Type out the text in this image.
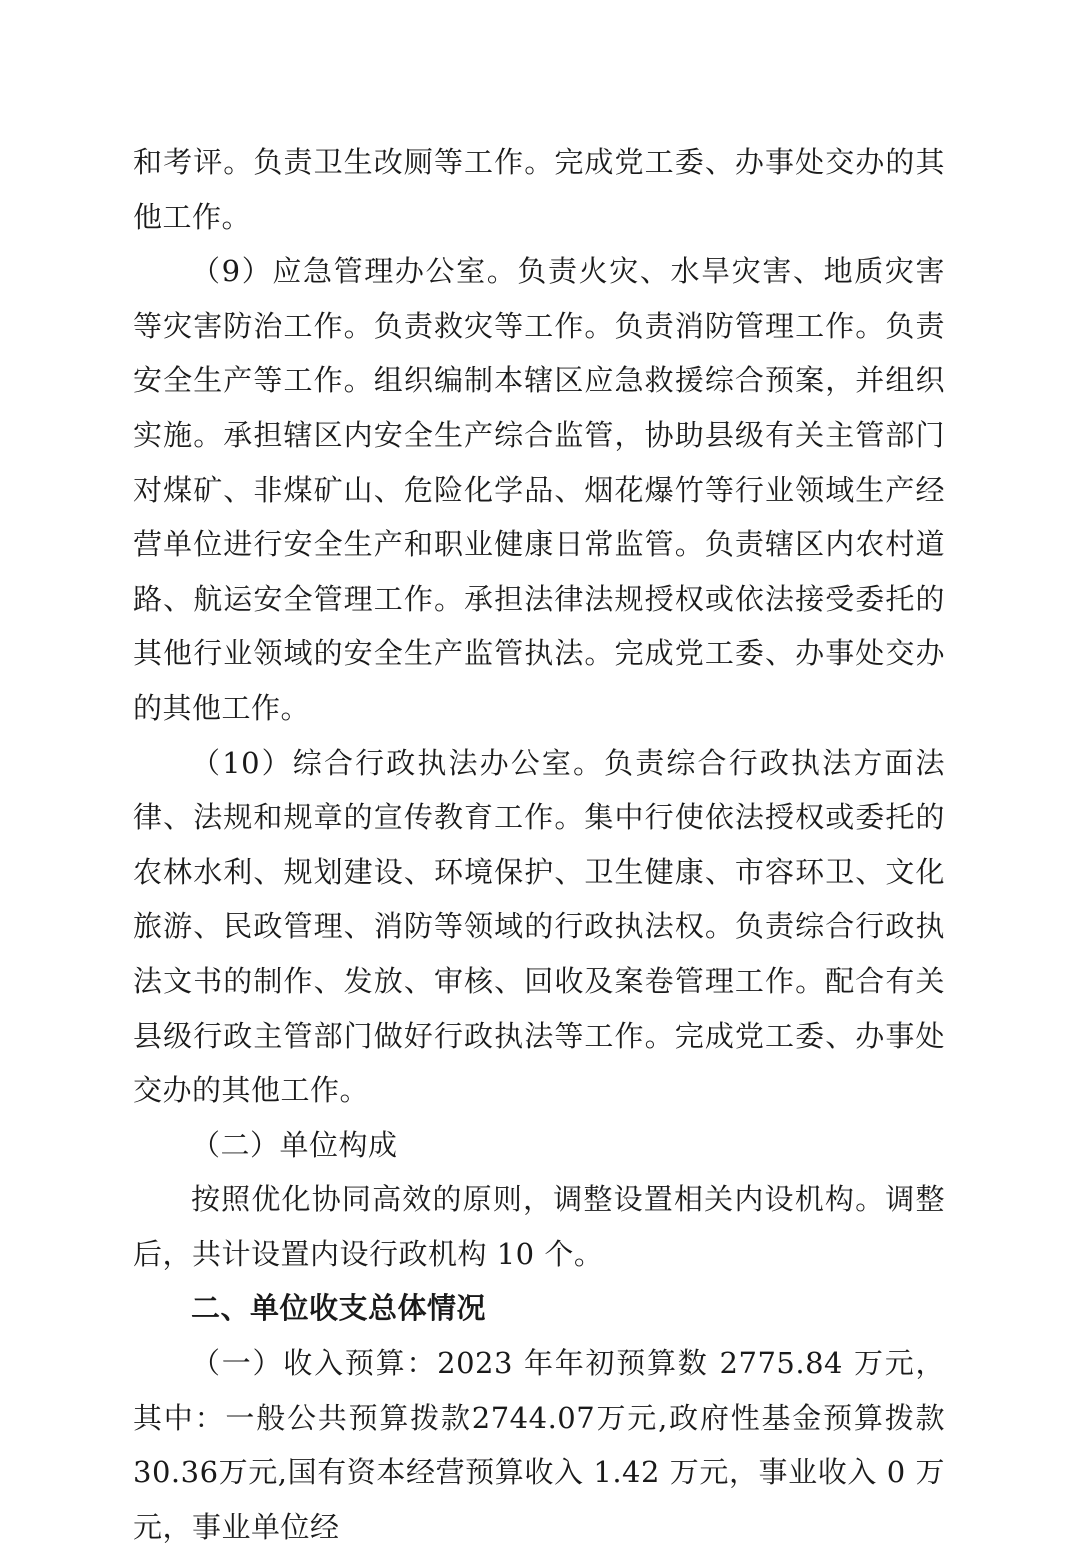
和考评。负责卫生改厕等工作。完成党工委、办事处交办的其他工作。

（9）应急管理办公室。负责火灾、水旱灾害、地质灾害等灾害防治工作。负责救灾等工作。负责消防管理工作。负责安全生产等工作。组织编制本辖区应急救援综合预案，并组织实施。承担辖区内安全生产综合监管，协助县级有关主管部门对煤矿、非煤矿山、危险化学品、烟花爆竹等行业领域生产经营单位进行安全生产和职业健康日常监管。负责辖区内农村道路、航运安全管理工作。承担法律法规授权或依法接受委托的其他行业领域的安全生产监管执法。完成党工委、办事处交办的其他工作。

（10）综合行政执法办公室。负责综合行政执法方面法律、法规和规章的宣传教育工作。集中行使依法授权或委托的农林水利、规划建设、环境保护、卫生健康、市容环卫、文化旅游、民政管理、消防等领域的行政执法权。负责综合行政执法文书的制作、发放、审核、回收及案卷管理工作。配合有关县级行政主管部门做好行政执法等工作。完成党工委、办事处交办的其他工作。

（二）单位构成

按照优化协同高效的原则，调整设置相关内设机构。调整后，共计设置内设行政机构 10 个。

二、单位收支总体情况

（一）收入预算：2023 年年初预算数 2775.84 万元，其中：一般公共预算拨款2744.07万元,政府性基金预算拨款30.36万元,国有资本经营预算收入 1.42 万元，事业收入 0 万元，事业单位经
